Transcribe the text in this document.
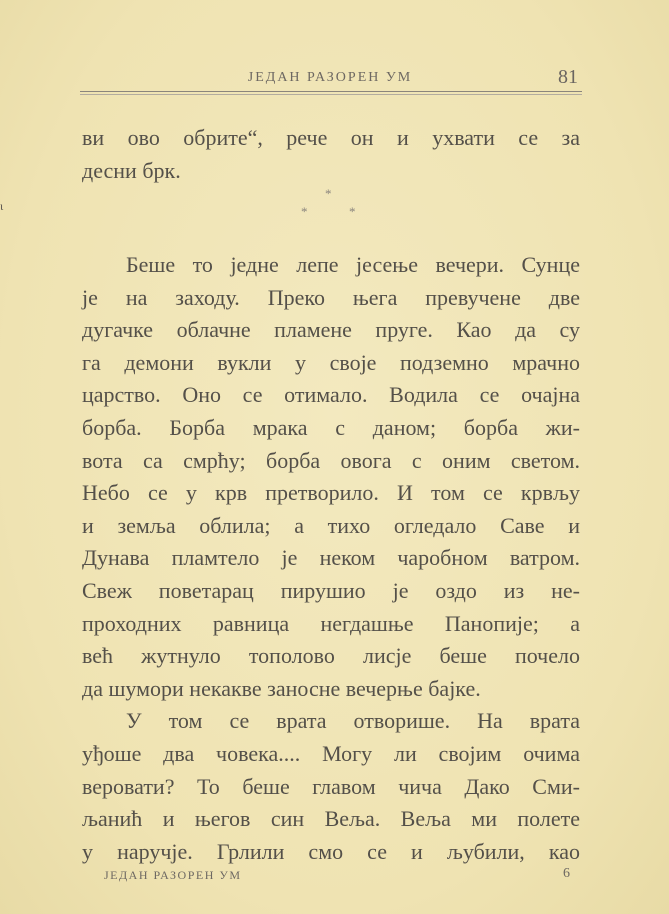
ЈЕДАН РАЗОРЕН УМ	81
ɩ
ви ово обрите“, рече он и ухвати се за
десни брк.
*
*	*
Беше то једне лепе јесење вечери. Сунце
је на заходу. Преко њега превучене две
дугачке облачне пламене пруге. Као да су
га демони вукли у своје подземно мрачно
царство. Оно се отимало. Водила се очајна
борба. Борба мрака с даном; борба жи-
вота са смрћу; борба овога с оним светом.
Небо се у крв претворило. И том се крвљу
и земља облила; а тихо огледало Саве и
Дунава пламтело је неком чаробном ватром.
Свеж поветарац пирушио је оздо из не-
проходних равница негдашње Панопије; а
већ жутнуло тополово лисје беше почело
да шумори некакве заносне вечерње бајке.
У том се врата отворише. На врата
уђоше два човека.... Могу ли својим очима
веровати? То беше главом чича Дако Сми-
љанић и његов син Веља. Веља ми полете
у наручје. Грлили смо се и љубили, као
ЈЕДАН РАЗОРЕН УМ	6
